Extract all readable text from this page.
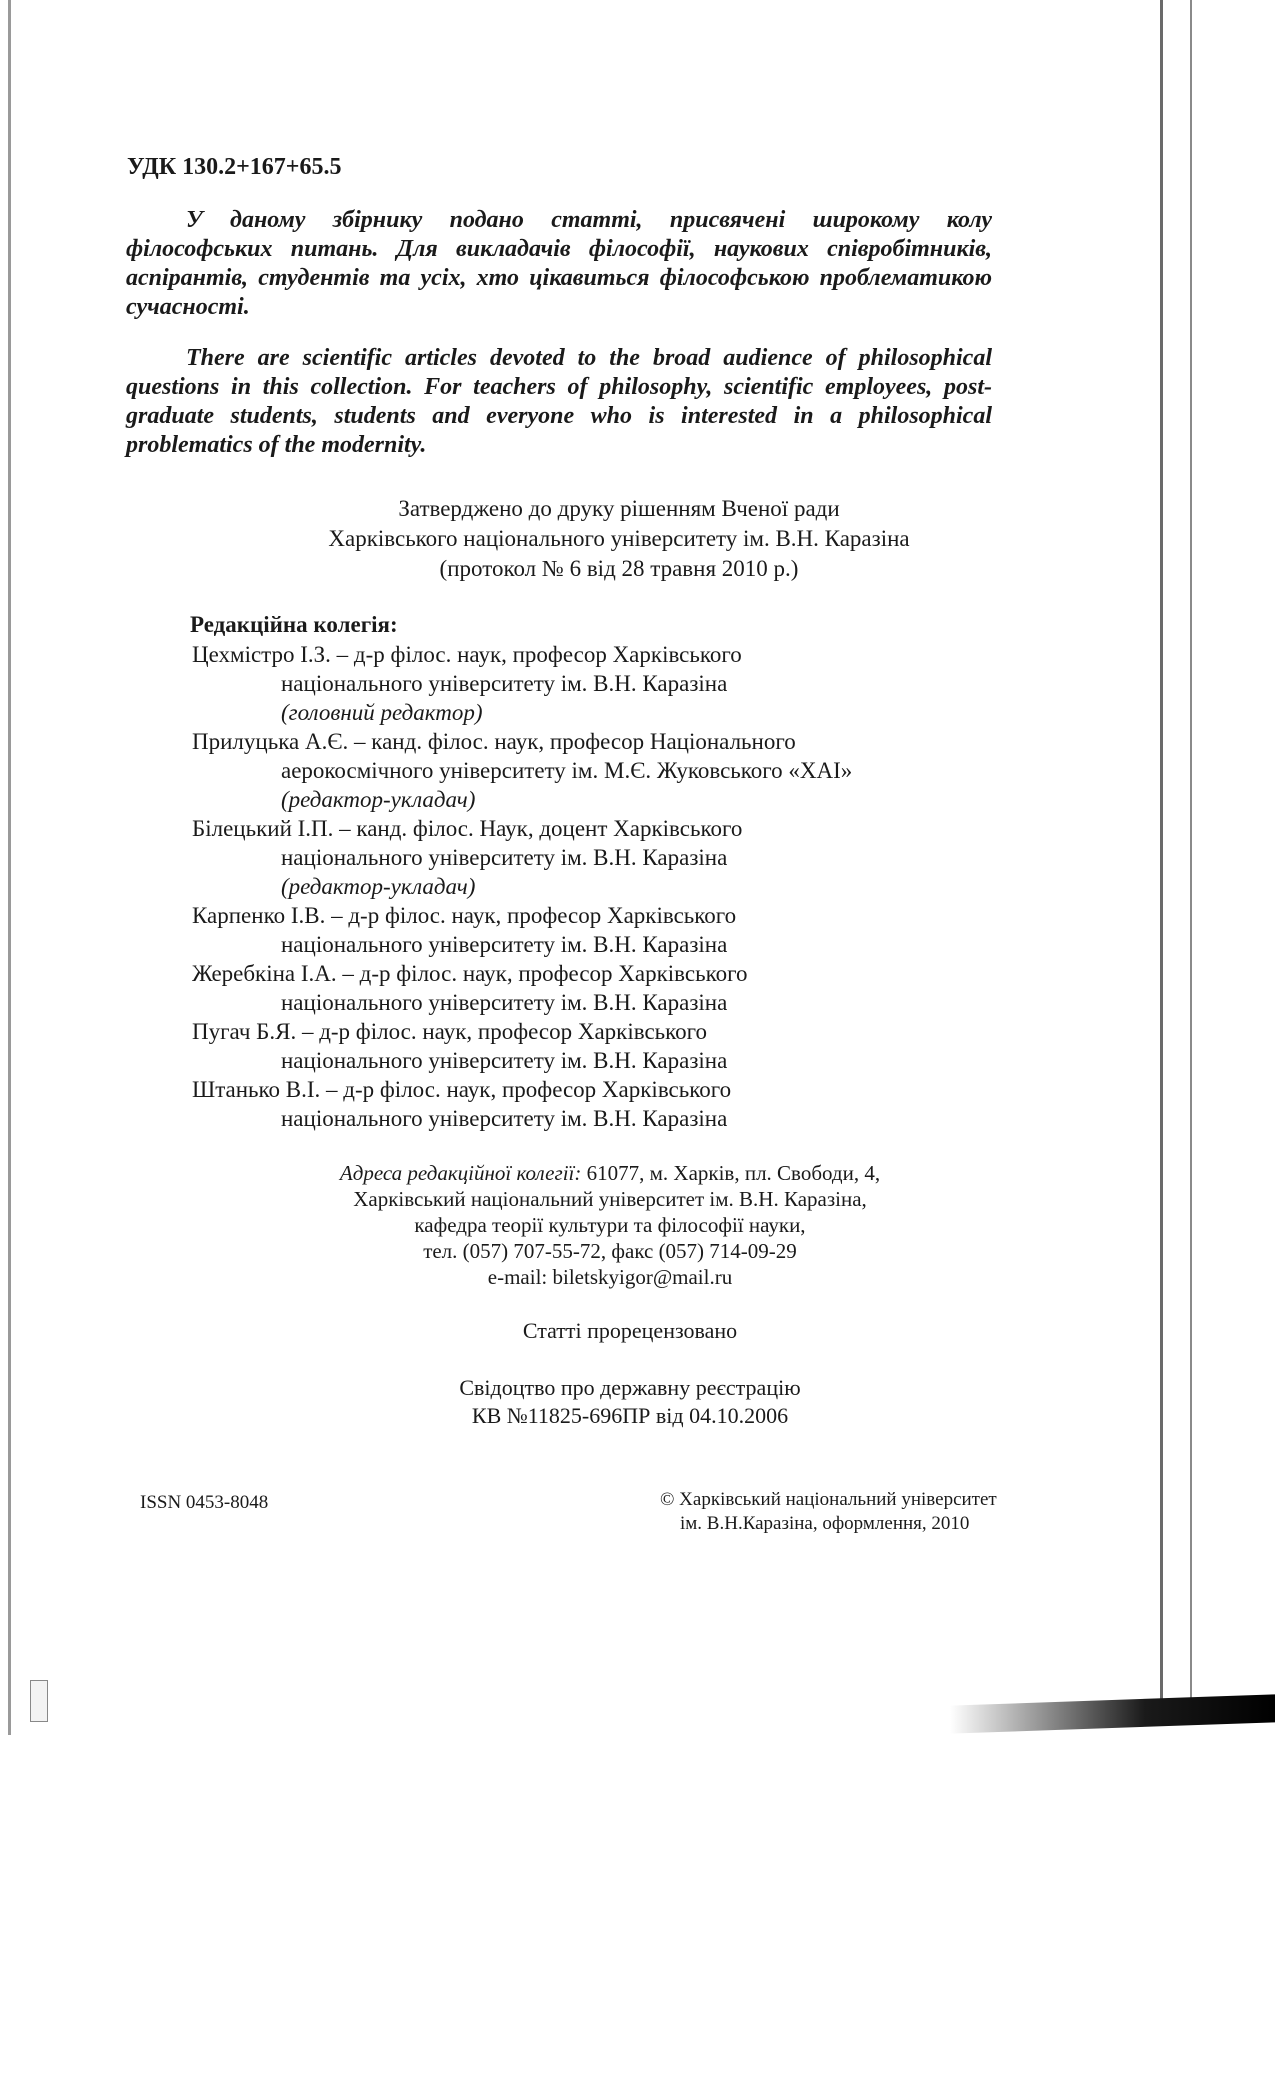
УДК 130.2+167+65.5
У даному збірнику подано статті, присвячені широкому колу філософських питань. Для викладачів філософії, наукових співробітників, аспірантів, студентів та усіх, хто цікавиться філософською проблематикою сучасності.
There are scientific articles devoted to the broad audience of philosophical questions in this collection. For teachers of philosophy, scientific employees, post-graduate students, students and everyone who is interested in a philosophical problematics of the modernity.
Затверджено до друку рішенням Вченої ради
Харківського національного університету ім. В.Н. Каразіна
(протокол № 6 від 28 травня 2010 р.)
Редакційна колегія:
Цехмістро І.З. – д-р філос. наук, професор Харківського
національного університету ім. В.Н. Каразіна
(головний редактор)
Прилуцька А.Є. – канд. філос. наук, професор Національного
аерокосмічного університету ім. М.Є. Жуковського «ХАІ»
(редактор-укладач)
Білецький І.П. – канд. філос. Наук, доцент Харківського
національного університету ім. В.Н. Каразіна
(редактор-укладач)
Карпенко І.В. – д-р філос. наук, професор Харківського
національного університету ім. В.Н. Каразіна
Жеребкіна І.А. – д-р філос. наук, професор Харківського
національного університету ім. В.Н. Каразіна
Пугач Б.Я. – д-р філос. наук, професор Харківського
національного університету ім. В.Н. Каразіна
Штанько В.І. – д-р філос. наук, професор Харківського
національного університету ім. В.Н. Каразіна
Адреса редакційної колегії: 61077, м. Харків, пл. Свободи, 4,
Харківський національний університет ім. В.Н. Каразіна,
кафедра теорії культури та філософії науки,
тел. (057) 707-55-72, факс (057) 714-09-29
e-mail: biletskyigor@mail.ru
Статті прорецензовано
Свідоцтво про державну реєстрацію
КВ №11825-696ПР від 04.10.2006
ISSN 0453-8048	© Харківський національний університет
ім. В.Н.Каразіна, оформлення, 2010
